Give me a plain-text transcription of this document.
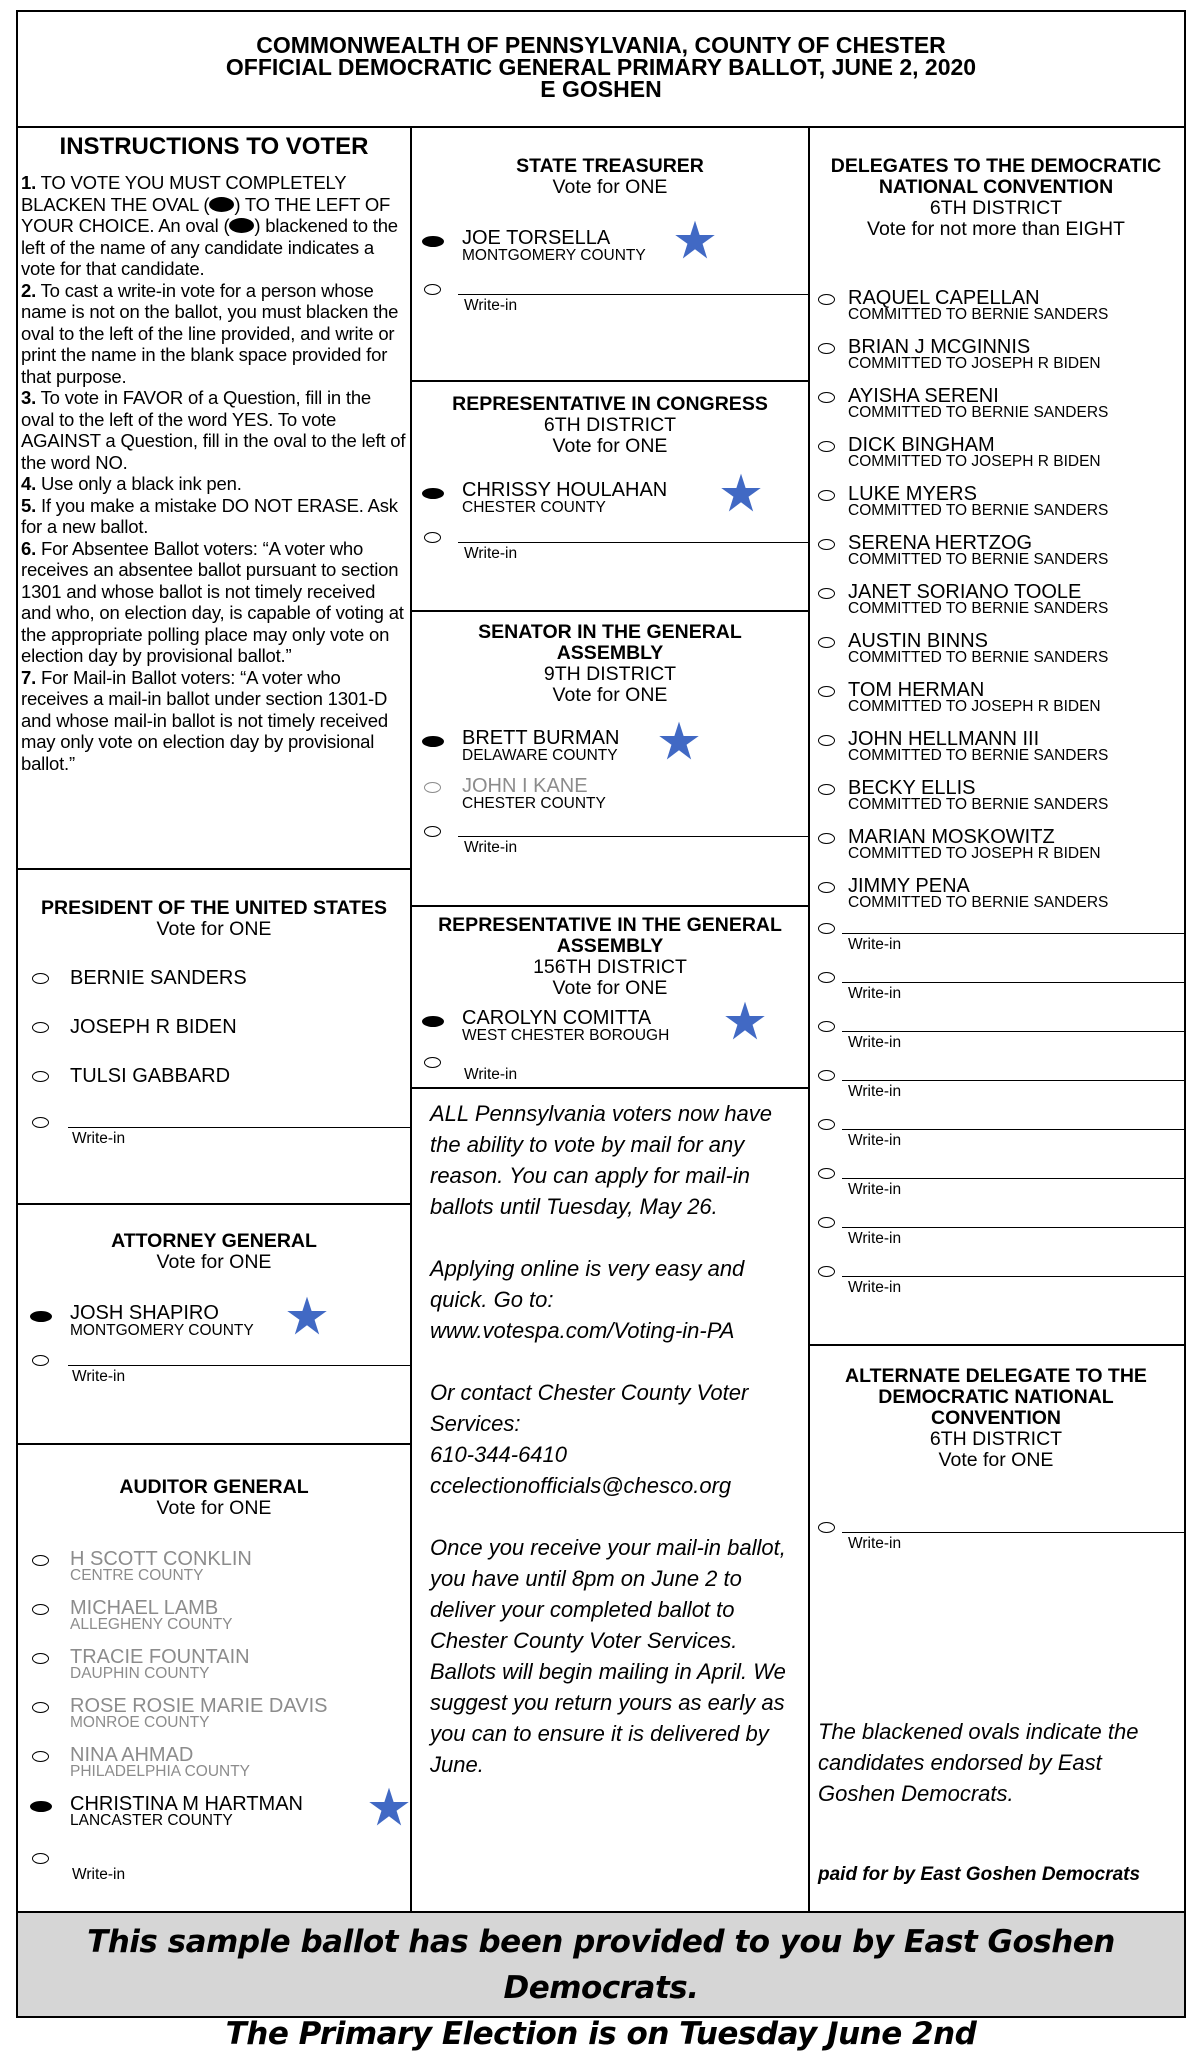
COMMONWEALTH OF PENNSYLVANIA, COUNTY OF CHESTER
OFFICIAL DEMOCRATIC GENERAL PRIMARY BALLOT, JUNE 2, 2020
E GOSHEN
INSTRUCTIONS TO VOTER
1. TO VOTE YOU MUST COMPLETELY BLACKEN THE OVAL ( ) TO THE LEFT OF YOUR CHOICE. An oval ( ) blackened to the left of the name of any candidate indicates a vote for that candidate.
2. To cast a write-in vote for a person whose name is not on the ballot, you must blacken the oval to the left of the line provided, and write or print the name in the blank space provided for that purpose.
3. To vote in FAVOR of a Question, fill in the oval to the left of the word YES. To vote AGAINST a Question, fill in the oval to the left of the word NO.
4. Use only a black ink pen.
5. If you make a mistake DO NOT ERASE. Ask for a new ballot.
6. For Absentee Ballot voters: “A voter who receives an absentee ballot pursuant to section 1301 and whose ballot is not timely received and who, on election day, is capable of voting at the appropriate polling place may only vote on election day by provisional ballot.”
7. For Mail-in Ballot voters: “A voter who receives a mail-in ballot under section 1301-D and whose mail-in ballot is not timely received may only vote on election day by provisional ballot.”
PRESIDENT OF THE UNITED STATES
Vote for ONE
BERNIE SANDERS
JOSEPH R BIDEN
TULSI GABBARD
Write-in
ATTORNEY GENERAL
Vote for ONE
JOSH SHAPIRO
MONTGOMERY COUNTY
Write-in
AUDITOR GENERAL
Vote for ONE
H SCOTT CONKLIN
CENTRE COUNTY
MICHAEL LAMB
ALLEGHENY COUNTY
TRACIE FOUNTAIN
DAUPHIN COUNTY
ROSE ROSIE MARIE DAVIS
MONROE COUNTY
NINA AHMAD
PHILADELPHIA COUNTY
CHRISTINA M HARTMAN
LANCASTER COUNTY
Write-in
STATE TREASURER
Vote for ONE
JOE TORSELLA
MONTGOMERY COUNTY
Write-in
REPRESENTATIVE IN CONGRESS
6TH DISTRICT
Vote for ONE
CHRISSY HOULAHAN
CHESTER COUNTY
Write-in
SENATOR IN THE GENERAL
ASSEMBLY
9TH DISTRICT
Vote for ONE
BRETT BURMAN
DELAWARE COUNTY
JOHN I KANE
CHESTER COUNTY
Write-in
REPRESENTATIVE IN THE GENERAL
ASSEMBLY
156TH DISTRICT
Vote for ONE
CAROLYN COMITTA
WEST CHESTER BOROUGH
Write-in

ALL Pennsylvania voters now have the ability to vote by mail for any reason. You can apply for mail-in ballots until Tuesday, May 26.

Applying online is very easy and quick. Go to: www.votespa.com/Voting-in-PA

Or contact Chester County Voter Services:
610-344-6410
ccelectionofficials@chesco.org

Once you receive your mail-in ballot, you have until 8pm on June 2 to deliver your completed ballot to Chester County Voter Services. Ballots will begin mailing in April. We suggest you return yours as early as you can to ensure it is delivered by June.

DELEGATES TO THE DEMOCRATIC
NATIONAL CONVENTION
6TH DISTRICT
Vote for not more than EIGHT
RAQUEL CAPELLAN
COMMITTED TO BERNIE SANDERS
BRIAN J MCGINNIS
COMMITTED TO JOSEPH R BIDEN
AYISHA SERENI
COMMITTED TO BERNIE SANDERS
DICK BINGHAM
COMMITTED TO JOSEPH R BIDEN
LUKE MYERS
COMMITTED TO BERNIE SANDERS
SERENA HERTZOG
COMMITTED TO BERNIE SANDERS
JANET SORIANO TOOLE
COMMITTED TO BERNIE SANDERS
AUSTIN BINNS
COMMITTED TO BERNIE SANDERS
TOM HERMAN
COMMITTED TO JOSEPH R BIDEN
JOHN HELLMANN III
COMMITTED TO BERNIE SANDERS
BECKY ELLIS
COMMITTED TO BERNIE SANDERS
MARIAN MOSKOWITZ
COMMITTED TO JOSEPH R BIDEN
JIMMY PENA
COMMITTED TO BERNIE SANDERS
Write-in
Write-in
Write-in
Write-in
Write-in
Write-in
Write-in
Write-in
ALTERNATE DELEGATE TO THE
DEMOCRATIC NATIONAL
CONVENTION
6TH DISTRICT
Vote for ONE
Write-in
The blackened ovals indicate the candidates endorsed by East Goshen Democrats.
paid for by East Goshen Democrats
This sample ballot has been provided to you by East Goshen Democrats.
The Primary Election is on Tuesday June 2nd
